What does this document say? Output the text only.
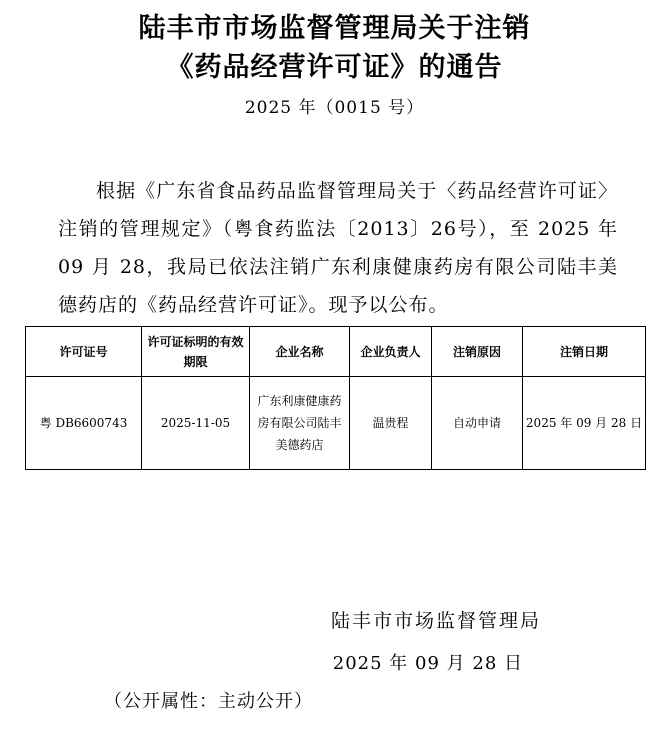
陆丰市市场监督管理局关于注销
《药品经营许可证》的通告
2025 年（0015 号）

根据《广东省食品药品监督管理局关于〈药品经营许可证〉注销的管理规定》（粤食药监法〔2013〕26号），至 2025 年 09 月 28，我局已依法注销广东利康健康药房有限公司陆丰美德药店的《药品经营许可证》。现予以公布。

许可证号	许可证标明的有效期限	企业名称	企业负责人	注销原因	注销日期
粤 DB6600743	2025-11-05	广东利康健康药房有限公司陆丰美德药店	温贵程	自动申请	2025 年 09 月 28 日
陆丰市市场监督管理局
2025 年 09 月 28 日
（公开属性：主动公开）
